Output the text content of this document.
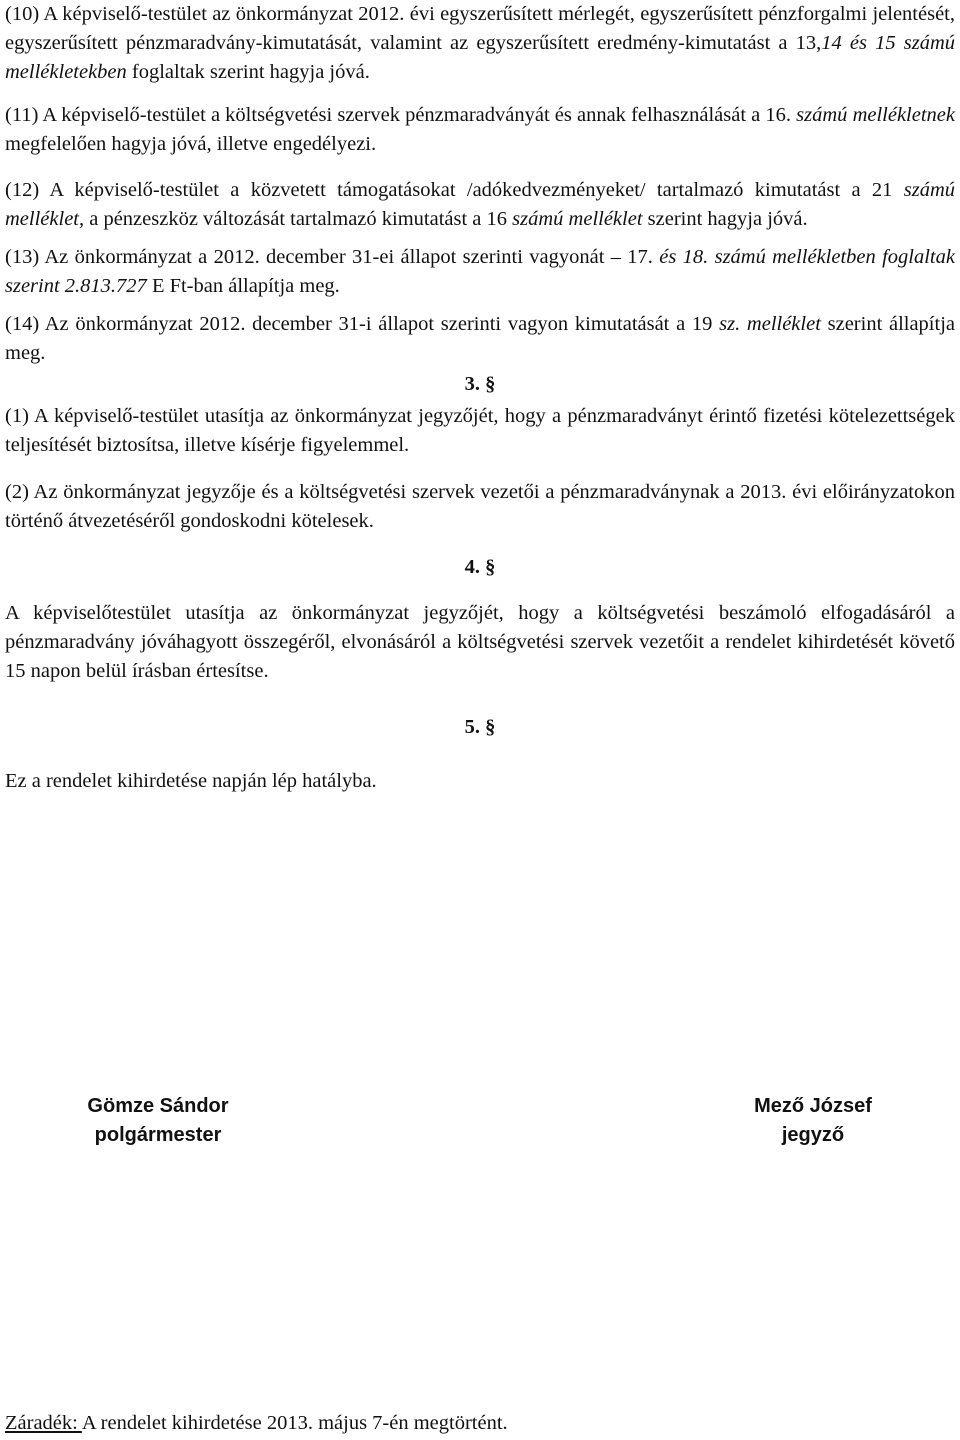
(10) A képviselő-testület az önkormányzat 2012. évi egyszerűsített mérlegét, egyszerűsített pénzforgalmi jelentését, egyszerűsített pénzmaradvány-kimutatását, valamint az egyszerűsített eredmény-kimutatást a 13,14 és 15 számú mellékletekben foglaltak szerint hagyja jóvá.

(11) A képviselő-testület a költségvetési szervek pénzmaradványát és annak felhasználását a 16. számú mellékletnek megfelelően hagyja jóvá, illetve engedélyezi.

(12) A képviselő-testület a közvetett támogatásokat /adókedvezményeket/ tartalmazó kimutatást a 21 számú melléklet, a pénzeszköz változását tartalmazó kimutatást a 16 számú melléklet szerint hagyja jóvá.

(13) Az önkormányzat a 2012. december 31-ei állapot szerinti vagyonát – 17. és 18. számú mellékletben foglaltak szerint 2.813.727 E Ft-ban állapítja meg.

(14) Az önkormányzat 2012. december 31-i állapot szerinti vagyon kimutatását a 19 sz. melléklet szerint állapítja meg.

3. §

(1) A képviselő-testület utasítja az önkormányzat jegyzőjét, hogy a pénzmaradványt érintő fizetési kötelezettségek teljesítését biztosítsa, illetve kísérje figyelemmel.

(2) Az önkormányzat jegyzője és a költségvetési szervek vezetői a pénzmaradványnak a 2013. évi előirányzatokon történő átvezetéséről gondoskodni kötelesek.

4. §

A képviselőtestület utasítja az önkormányzat jegyzőjét, hogy a költségvetési beszámoló elfogadásáról a pénzmaradvány jóváhagyott összegéről, elvonásáról a költségvetési szervek vezetőit a rendelet kihirdetését követő 15 napon belül írásban értesítse.

5. §

Ez a rendelet kihirdetése napján lép hatályba.

Gömze Sándor
polgármester
Mező József
jegyző
Záradék: A rendelet kihirdetése 2013. május 7-én megtörtént.
